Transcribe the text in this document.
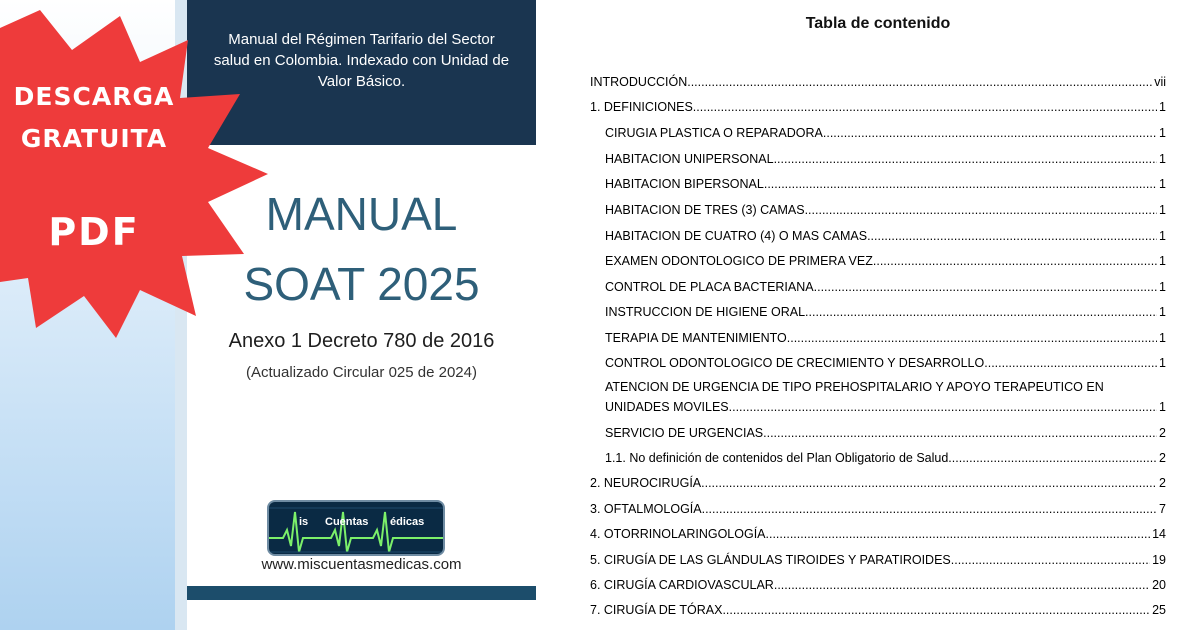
Manual del Régimen Tarifario del Sector salud en Colombia. Indexado con Unidad de Valor Básico.
MANUAL
SOAT 2025
Anexo 1 Decreto 780 de 2016
(Actualizado Circular 025 de 2024)
is Cuentas édicas
www.miscuentasmedicas.com
DESCARGA
GRATUITA
PDF
Tabla de contenido
INTRODUCCIÓN .....	vii
1. DEFINICIONES .....	1
CIRUGIA PLASTICA O REPARADORA .....	1
HABITACION UNIPERSONAL .....	1
HABITACION BIPERSONAL .....	1
HABITACION DE TRES (3) CAMAS .....	1
HABITACION DE CUATRO (4) O MAS CAMAS .....	1
EXAMEN ODONTOLOGICO DE PRIMERA VEZ .....	1
CONTROL DE PLACA BACTERIANA .....	1
INSTRUCCION DE HIGIENE ORAL .....	1
TERAPIA DE MANTENIMIENTO .....	1
CONTROL ODONTOLOGICO DE CRECIMIENTO Y DESARROLLO .....	1
ATENCION DE URGENCIA DE TIPO PREHOSPITALARIO Y APOYO TERAPEUTICO EN
UNIDADES MOVILES .....	1
SERVICIO DE URGENCIAS .....	2
1.1. No definición de contenidos del Plan Obligatorio de Salud .....	2
2. NEUROCIRUGÍA .....	2
3. OFTALMOLOGÍA .....	7
4. OTORRINOLARINGOLOGÍA .....	14
5. CIRUGÍA DE LAS GLÁNDULAS TIROIDES Y PARATIROIDES .....	19
6. CIRUGÍA CARDIOVASCULAR .....	20
7. CIRUGÍA DE TÓRAX .....	25
